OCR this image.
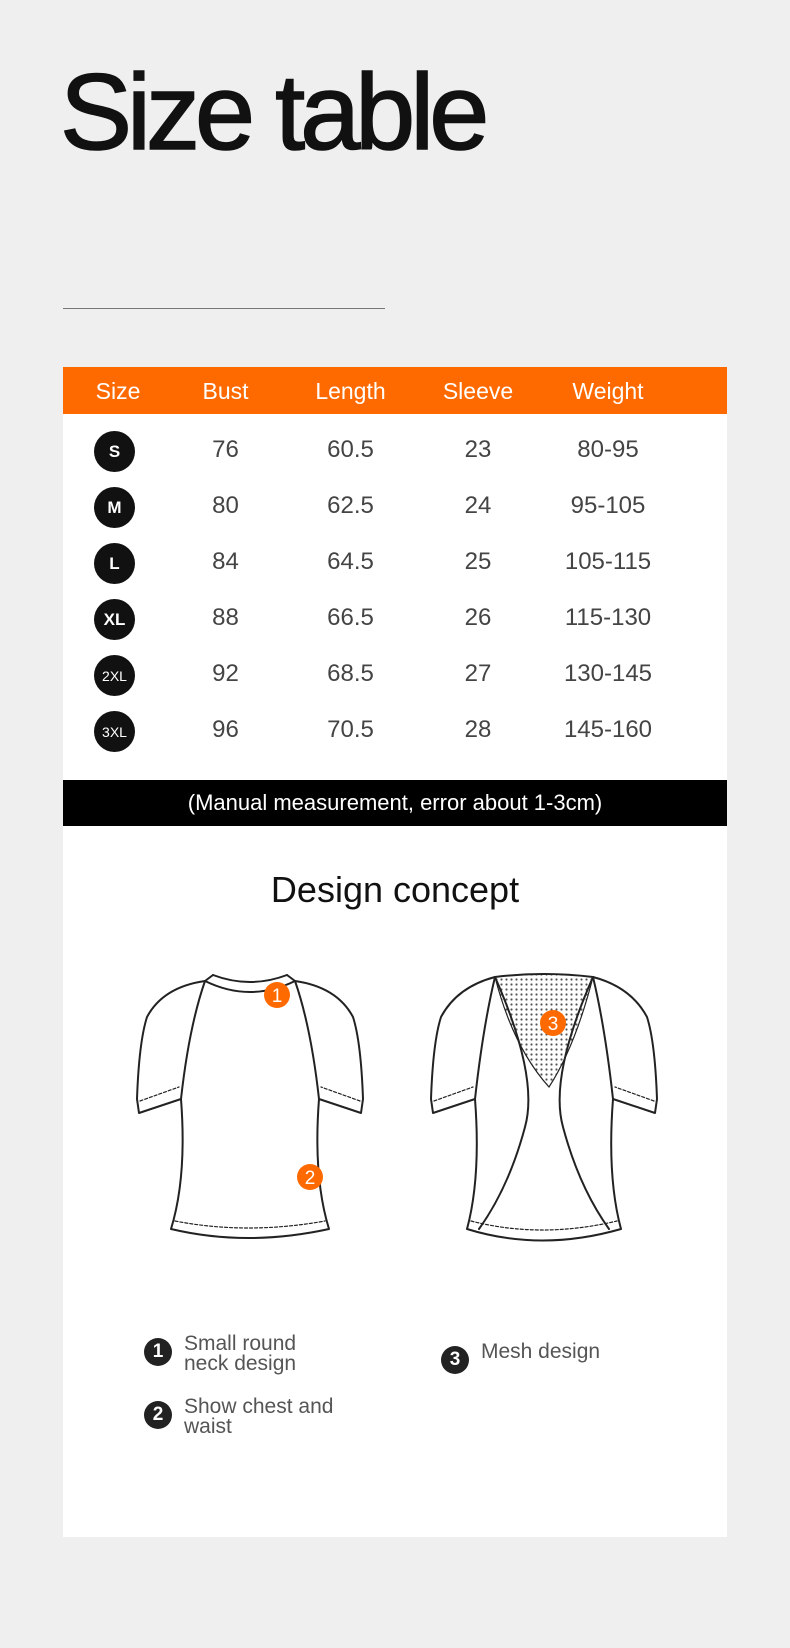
Size table
Size	Bust	Length	Sleeve	Weight
S	76	60.5	23	80-95
M	80	62.5	24	95-105
L	84	64.5	25	105-115
XL	88	66.5	26	115-130
2XL	92	68.5	27	130-145
3XL	96	70.5	28	145-160
(Manual measurement, error about 1-3cm)
Design concept
1
2
3
1 Small round neck design
2 Show chest and waist
3 Mesh design
